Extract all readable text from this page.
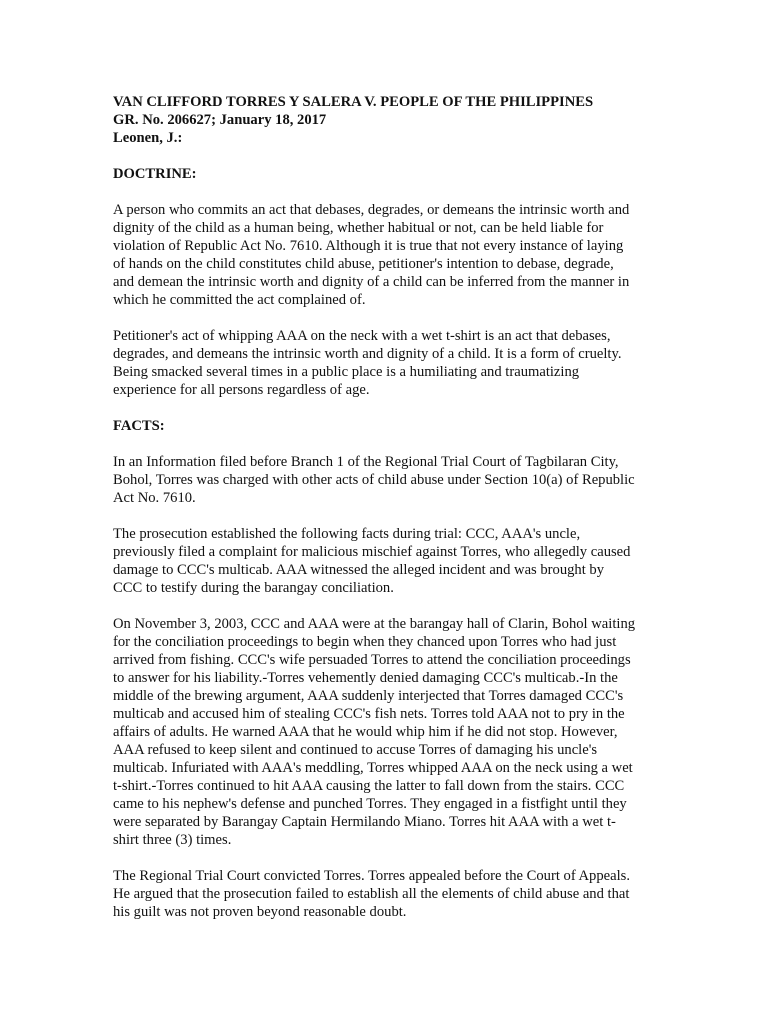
VAN CLIFFORD TORRES Y SALERA V. PEOPLE OF THE PHILIPPINES
GR. No. 206627; January 18, 2017
Leonen, J.:
DOCTRINE:
A person who commits an act that debases, degrades, or demeans the intrinsic worth and
dignity of the child as a human being, whether habitual or not, can be held liable for
violation of Republic Act No. 7610. Although it is true that not every instance of laying
of hands on the child constitutes child abuse, petitioner's intention to debase, degrade,
and demean the intrinsic worth and dignity of a child can be inferred from the manner in
which he committed the act complained of.
Petitioner's act of whipping AAA on the neck with a wet t-shirt is an act that debases,
degrades, and demeans the intrinsic worth and dignity of a child. It is a form of cruelty.
Being smacked several times in a public place is a humiliating and traumatizing
experience for all persons regardless of age.
FACTS:
In an Information filed before Branch 1 of the Regional Trial Court of Tagbilaran City,
Bohol, Torres was charged with other acts of child abuse under Section 10(a) of Republic
Act No. 7610.
The prosecution established the following facts during trial: CCC, AAA's uncle,
previously filed a complaint for malicious mischief against Torres, who allegedly caused
damage to CCC's multicab. AAA witnessed the alleged incident and was brought by
CCC to testify during the barangay conciliation.
On November 3, 2003, CCC and AAA were at the barangay hall of Clarin, Bohol waiting
for the conciliation proceedings to begin when they chanced upon Torres who had just
arrived from fishing. CCC's wife persuaded Torres to attend the conciliation proceedings
to answer for his liability.-Torres vehemently denied damaging CCC's multicab.-In the
middle of the brewing argument, AAA suddenly interjected that Torres damaged CCC's
multicab and accused him of stealing CCC's fish nets. Torres told AAA not to pry in the
affairs of adults. He warned AAA that he would whip him if he did not stop. However,
AAA refused to keep silent and continued to accuse Torres of damaging his uncle's
multicab. Infuriated with AAA's meddling, Torres whipped AAA on the neck using a wet
t-shirt.-Torres continued to hit AAA causing the latter to fall down from the stairs. CCC
came to his nephew's defense and punched Torres. They engaged in a fistfight until they
were separated by Barangay Captain Hermilando Miano. Torres hit AAA with a wet t-
shirt three (3) times.
The Regional Trial Court convicted Torres. Torres appealed before the Court of Appeals.
He argued that the prosecution failed to establish all the elements of child abuse and that
his guilt was not proven beyond reasonable doubt.
